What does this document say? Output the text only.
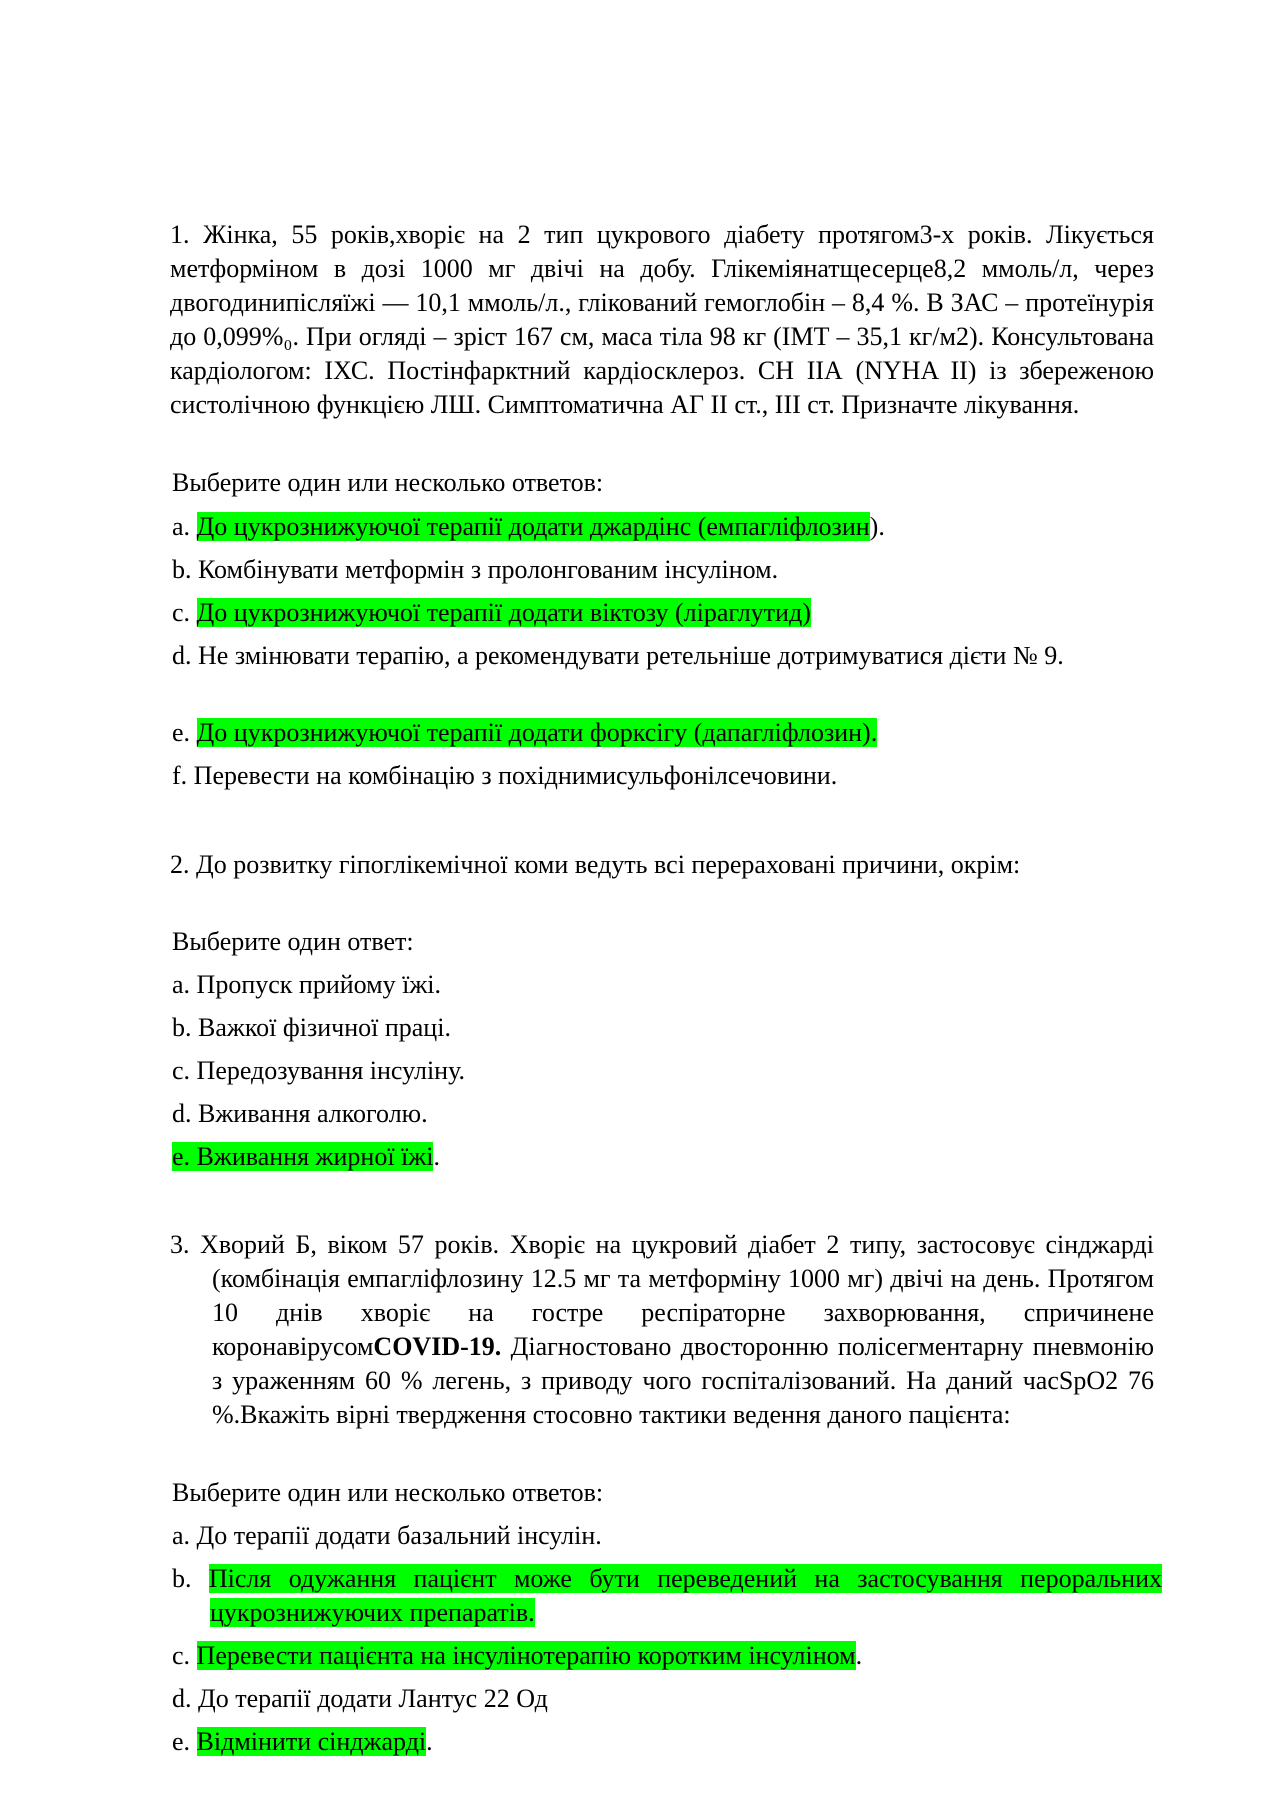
1. Жінка, 55 років,хворіє на 2 тип цукрового діабету протягом3-х років. Лікується метформіном в дозі 1000 мг двічі на добу. Глікеміянатщесерце8,2 ммоль/л, через двогодинипісляїжі — 10,1 ммоль/л., глікований гемоглобін – 8,4 %. В ЗАС – протеїнурія до 0,099%₀. При огляді – зріст 167 см, маса тіла 98 кг (ІМТ – 35,1 кг/м2). Консультована кардіологом: ІХС. Постінфарктний кардіосклероз. СН ІІА (NYHA II) із збереженою систолічною функцією ЛШ. Симптоматична АГ ІІ ст., ІІІ ст. Призначте лікування.

Выберите один или несколько ответов:

a. До цукрознижуючої терапії додати джардінс (емпагліфлозин).

b. Комбінувати метформін з пролонгованим інсуліном.

c. До цукрознижуючої терапії додати віктозу (ліраглутид)

d. Не змінювати терапію, а рекомендувати ретельніше дотримуватися дієти № 9.

e. До цукрознижуючої терапії додати форксігу (дапагліфлозин).

f. Перевести на комбінацію з похіднимисульфонілсечовини.

2. До розвитку гіпоглікемічної коми ведуть всі перераховані причини, окрім:

Выберите один ответ:

a. Пропуск прийому їжі.

b. Важкої фізичної праці.

c. Передозування інсуліну.

d. Вживання алкоголю.

e. Вживання жирної їжі.

3. Хворий Б, віком 57 років. Хворіє на цукровий діабет 2 типу, застосовує сінджарді (комбінація емпагліфлозину 12.5 мг та метформіну 1000 мг) двічі на день. Протягом 10 днів хворіє на гостре респіраторне захворювання, спричинене коронавірусомCOVID-19. Діагностовано двосторонню полісегментарну пневмонію з ураженням 60 % легень, з приводу чого госпіталізований. На даний часSpO2 76 %.Вкажіть вірні твердження стосовно тактики ведення даного пацієнта:

Выберите один или несколько ответов:

a. До терапії додати базальний інсулін.

b. Після одужання пацієнт може бути переведений на застосування пероральних цукрознижуючих препаратів.

c. Перевести пацієнта на інсулінотерапію коротким інсуліном.

d. До терапії додати Лантус 22 Од

e. Відмінити сінджарді.
